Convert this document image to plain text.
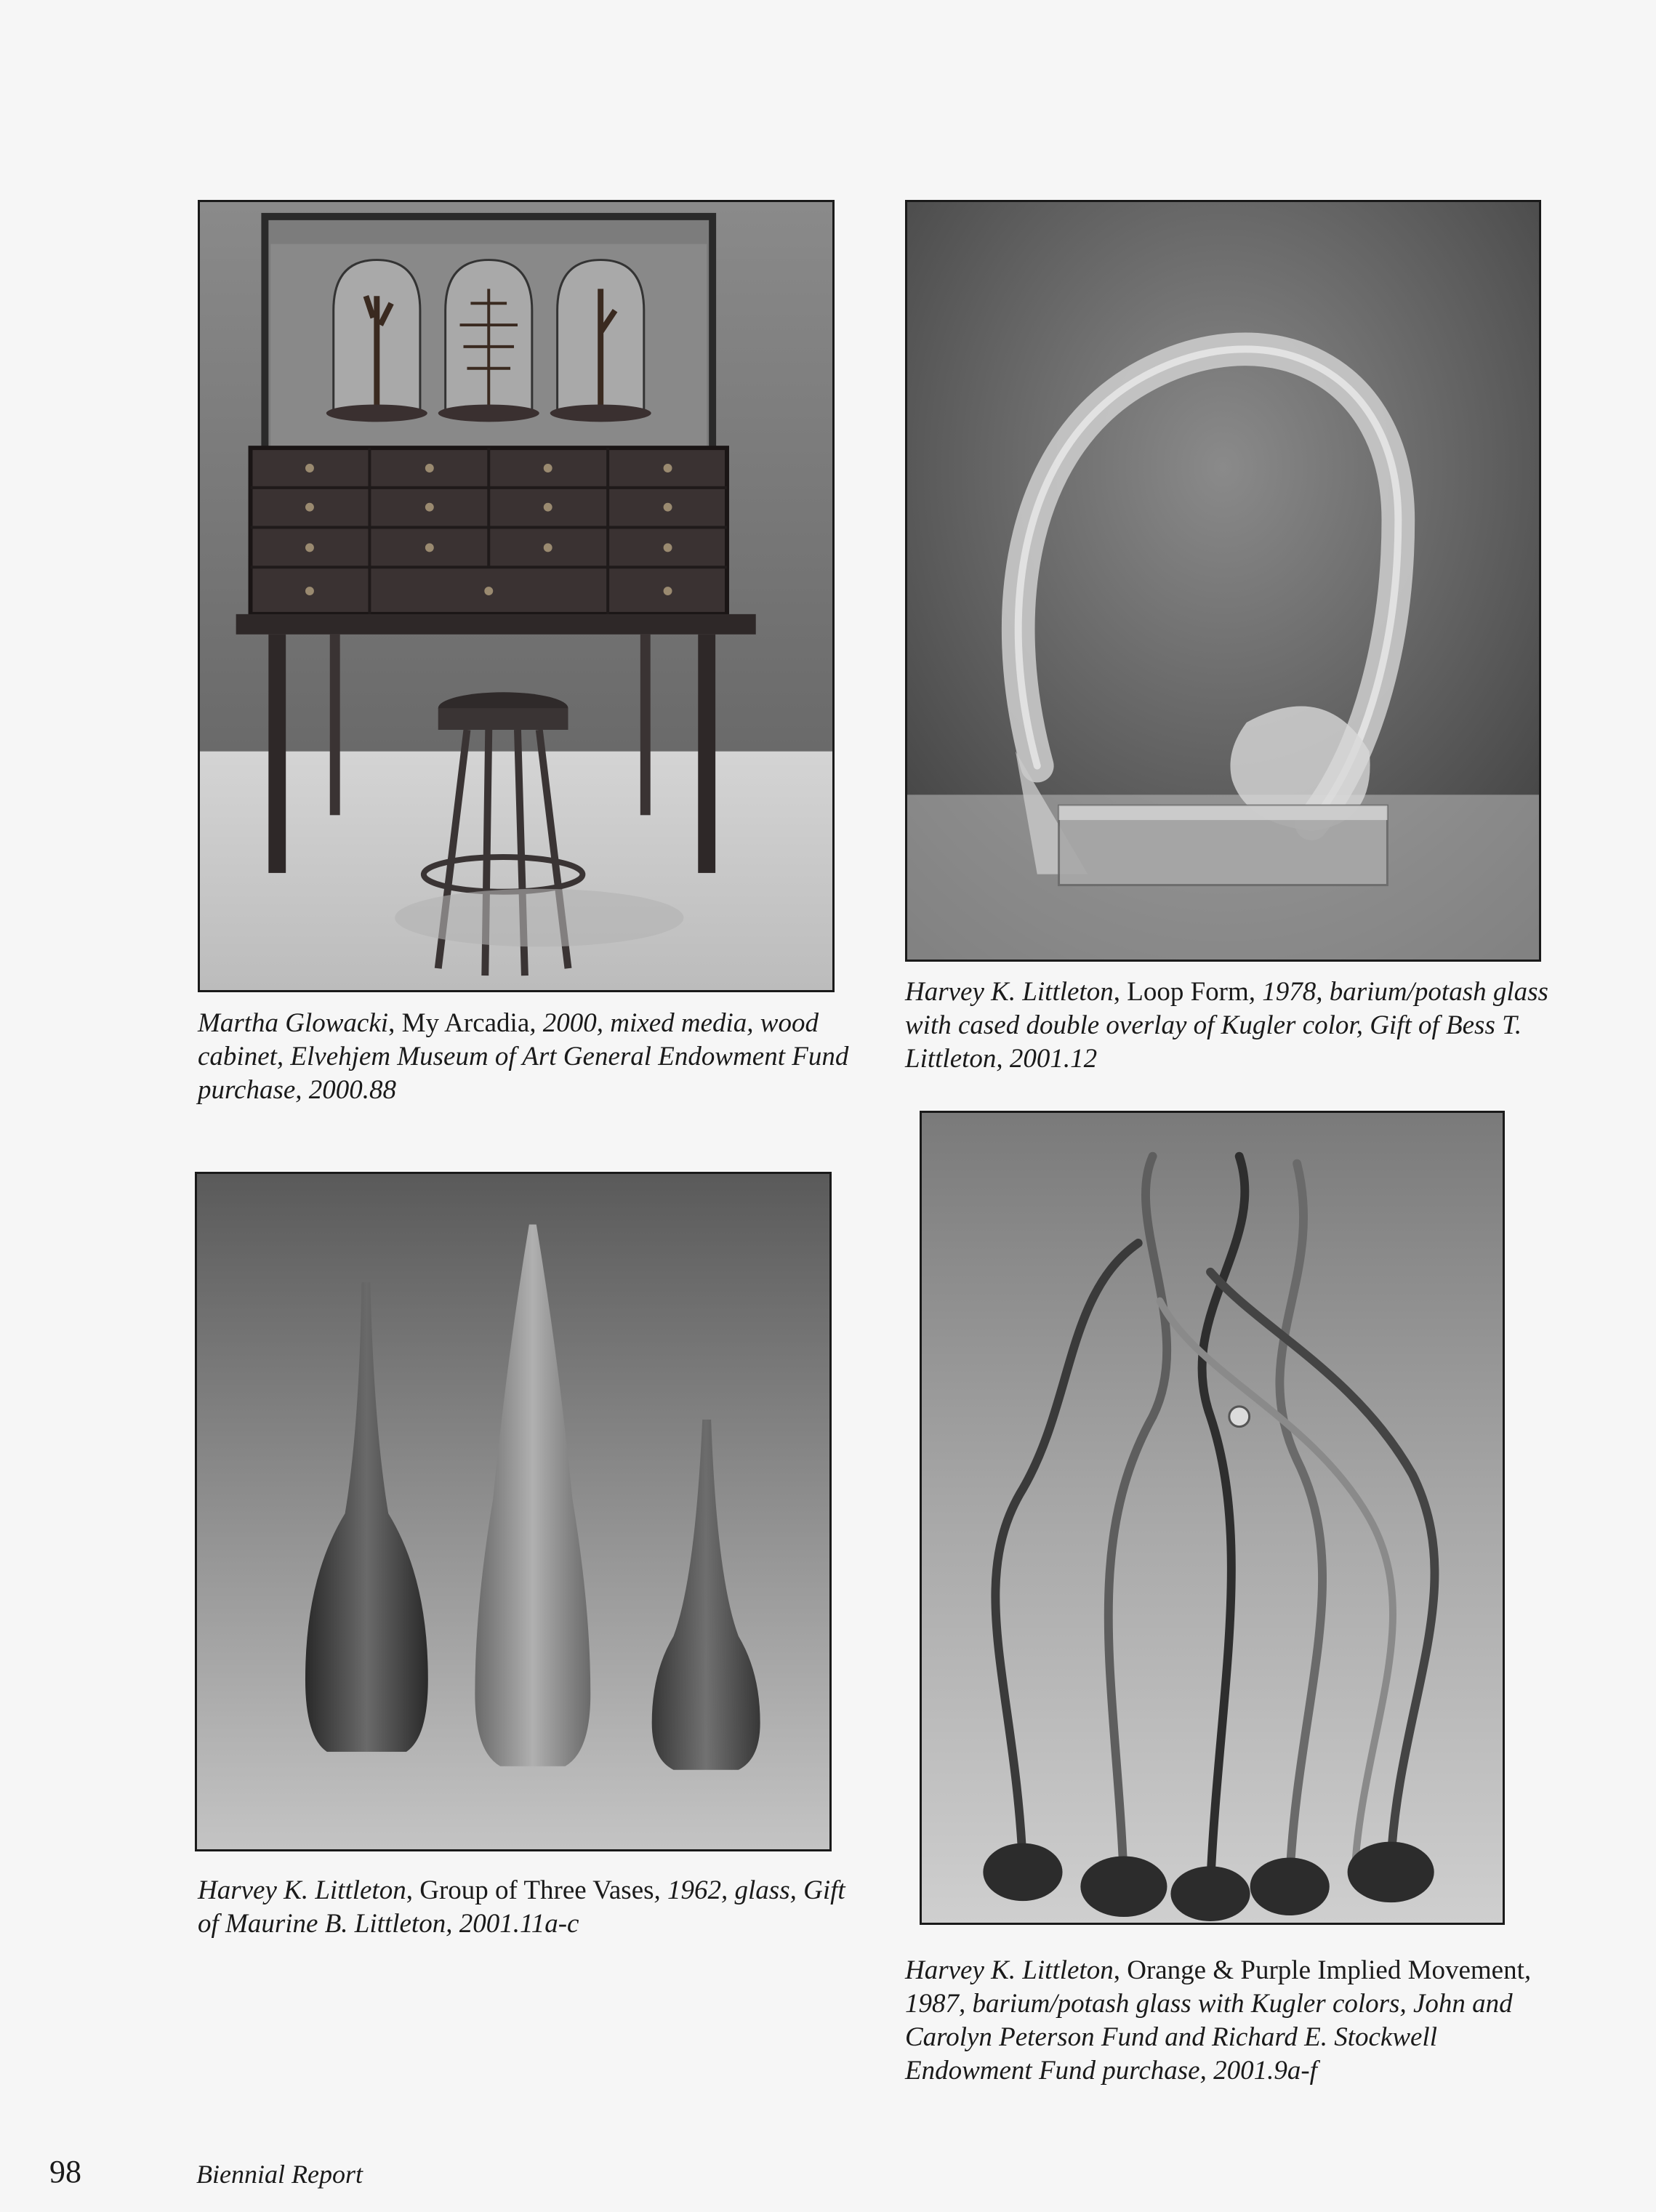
Martha Glowacki, My Arcadia, 2000, mixed media, wood cabinet, Elvehjem Museum of Art General Endowment Fund purchase, 2000.88
Harvey K. Littleton, Loop Form, 1978, barium/potash glass with cased double overlay of Kugler color, Gift of Bess T. Littleton, 2001.12
Harvey K. Littleton, Group of Three Vases, 1962, glass, Gift of Maurine B. Littleton, 2001.11a-c
Harvey K. Littleton, Orange & Purple Implied Movement, 1987, barium/potash glass with Kugler colors, John and Carolyn Peterson Fund and Richard E. Stockwell Endowment Fund purchase, 2001.9a-f
98	Biennial Report
